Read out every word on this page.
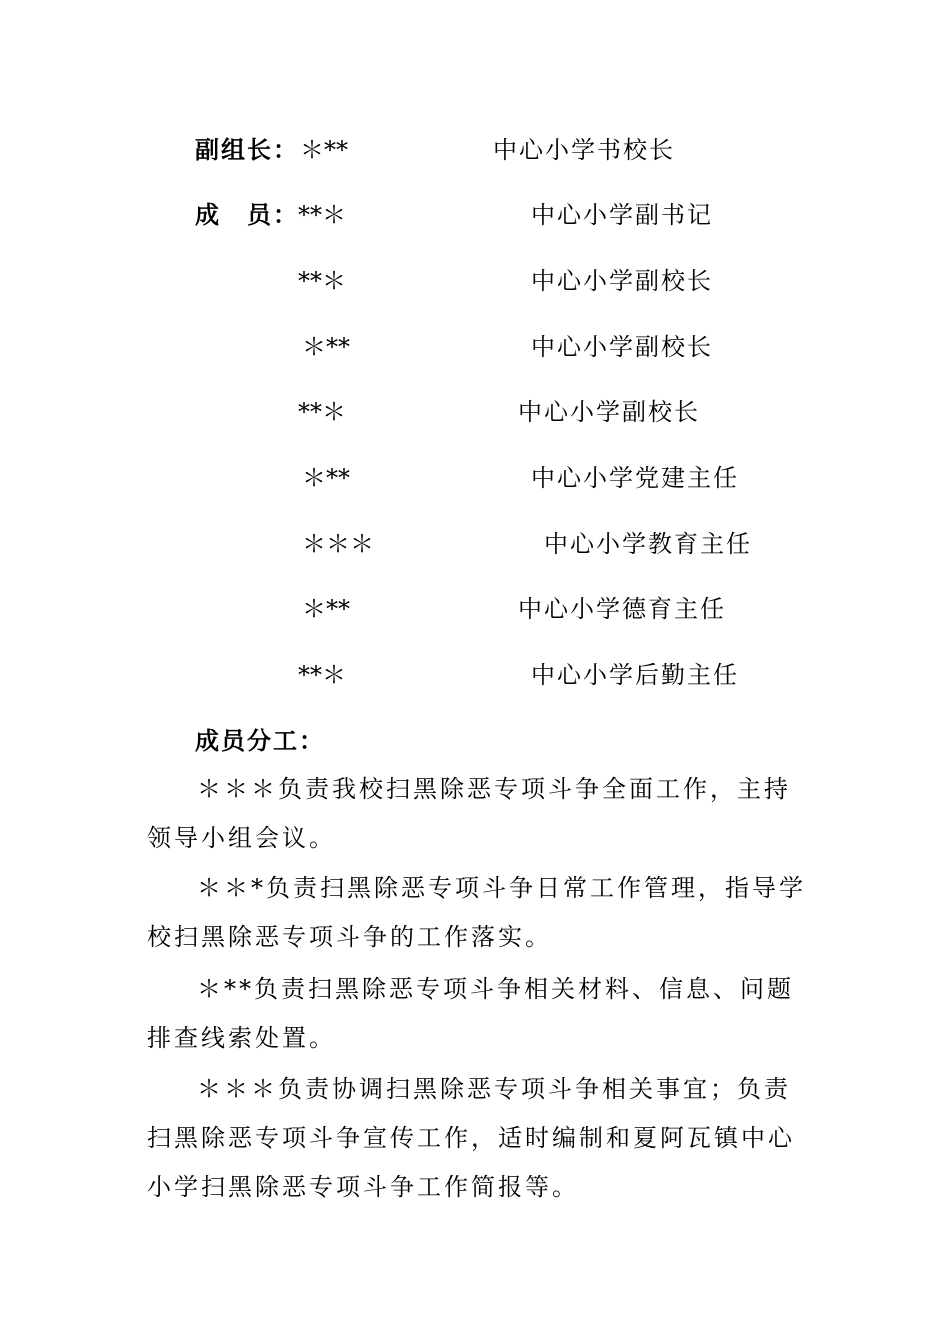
副组长： ＊**	中心小学书校长
成　员： **＊	中心小学副书记
**＊	中心小学副校长
＊**	中心小学副校长
**＊	中心小学副校长
＊**	中心小学党建主任
＊＊＊	中心小学教育主任
＊**	中心小学德育主任
**＊	中心小学后勤主任
成员分工：
＊＊＊负责我校扫黑除恶专项斗争全面工作，主持领导小组会议。
＊＊*负责扫黑除恶专项斗争日常工作管理，指导学校扫黑除恶专项斗争的工作落实。
＊**负责扫黑除恶专项斗争相关材料、信息、问题排查线索处置。
＊＊＊负责协调扫黑除恶专项斗争相关事宜；负责扫黑除恶专项斗争宣传工作，适时编制和夏阿瓦镇中心小学扫黑除恶专项斗争工作简报等。
